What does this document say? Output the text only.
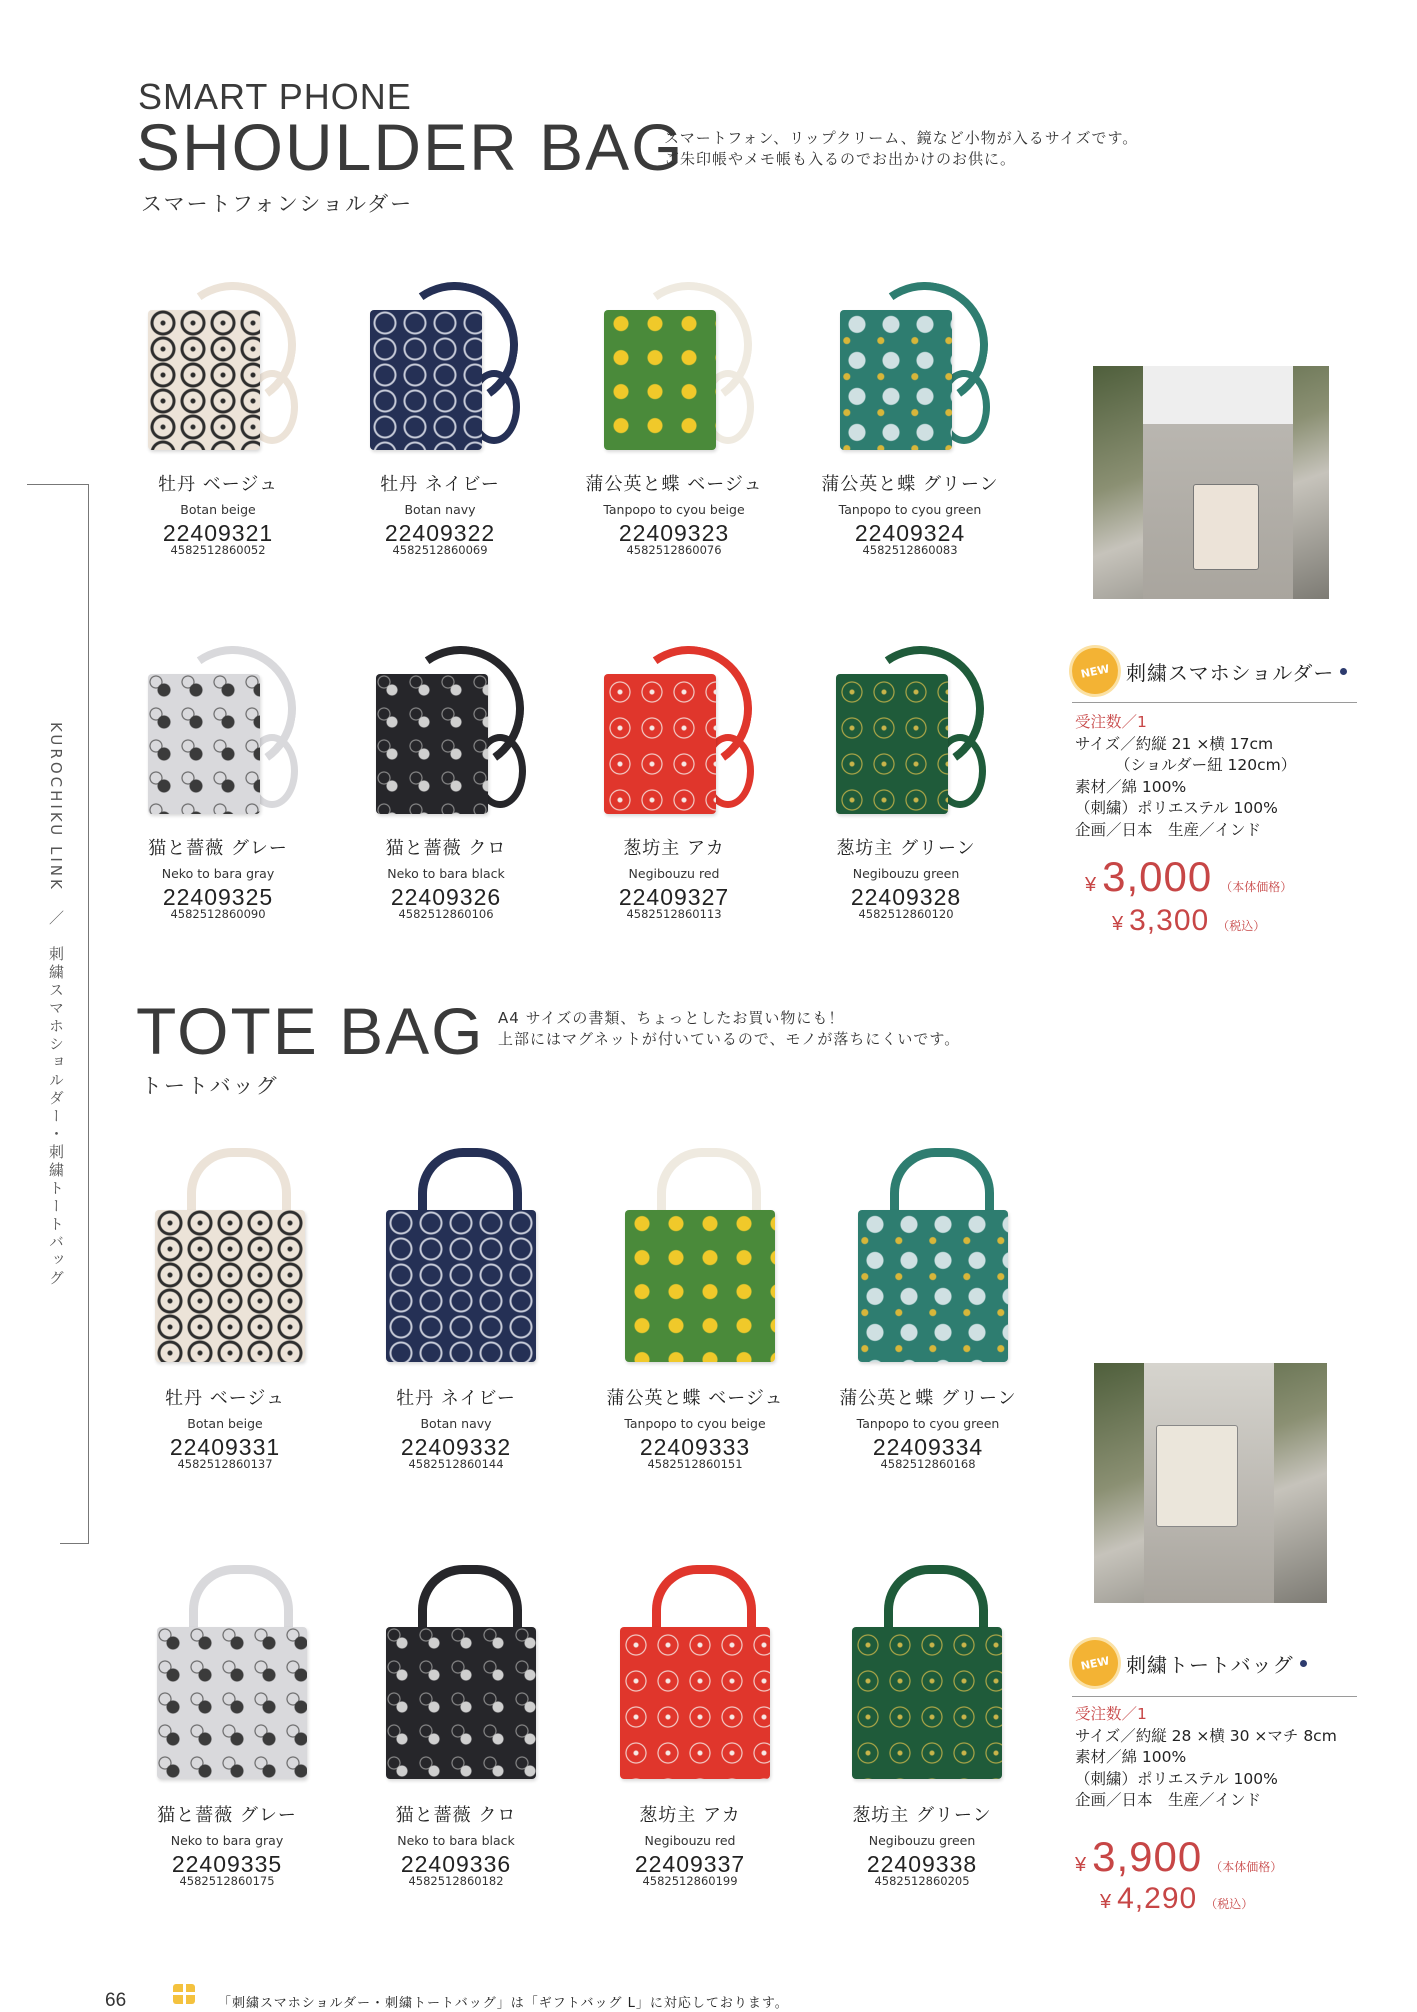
SMART PHONE
SHOULDER BAG
スマートフォンショルダー
スマートフォン、リップクリーム、鏡など小物が入るサイズです。
ご朱印帳やメモ帳も入るのでお出かけのお供に。
牡丹 ベージュ
Botan beige
22409321
4582512860052
牡丹 ネイビー
Botan navy
22409322
4582512860069
蒲公英と蝶 ベージュ
Tanpopo to cyou beige
22409323
4582512860076
蒲公英と蝶 グリーン
Tanpopo to cyou green
22409324
4582512860083
猫と薔薇 グレー
Neko to bara gray
22409325
4582512860090
猫と薔薇 クロ
Neko to bara black
22409326
4582512860106
葱坊主 アカ
Negibouzu red
22409327
4582512860113
葱坊主 グリーン
Negibouzu green
22409328
4582512860120
NEW 刺繍スマホショルダー
受注数／1
サイズ／約縦 21 ×横 17cm
（ショルダー紐 120cm）
素材／綿 100%
（刺繍）ポリエステル 100%
企画／日本　生産／インド
¥ 3,000 （本体価格）
¥ 3,300 （税込）
TOTE BAG
トートバッグ
A4 サイズの書類、ちょっとしたお買い物にも！
上部にはマグネットが付いているので、モノが落ちにくいです。
牡丹 ベージュ
Botan beige
22409331
4582512860137
牡丹 ネイビー
Botan navy
22409332
4582512860144
蒲公英と蝶 ベージュ
Tanpopo to cyou beige
22409333
4582512860151
蒲公英と蝶 グリーン
Tanpopo to cyou green
22409334
4582512860168
猫と薔薇 グレー
Neko to bara gray
22409335
4582512860175
猫と薔薇 クロ
Neko to bara black
22409336
4582512860182
葱坊主 アカ
Negibouzu red
22409337
4582512860199
葱坊主 グリーン
Negibouzu green
22409338
4582512860205
NEW 刺繍トートバッグ
受注数／1
サイズ／約縦 28 ×横 30 ×マチ 8cm
素材／綿 100%
（刺繍）ポリエステル 100%
企画／日本　生産／インド
¥ 3,900 （本体価格）
¥ 4,290 （税込）
KUROCHIKU LINK　／　刺繍スマホショルダー・刺繍トートバッグ
66	「刺繍スマホショルダー・刺繍トートバッグ」は「ギフトバッグ L」に対応しております。
